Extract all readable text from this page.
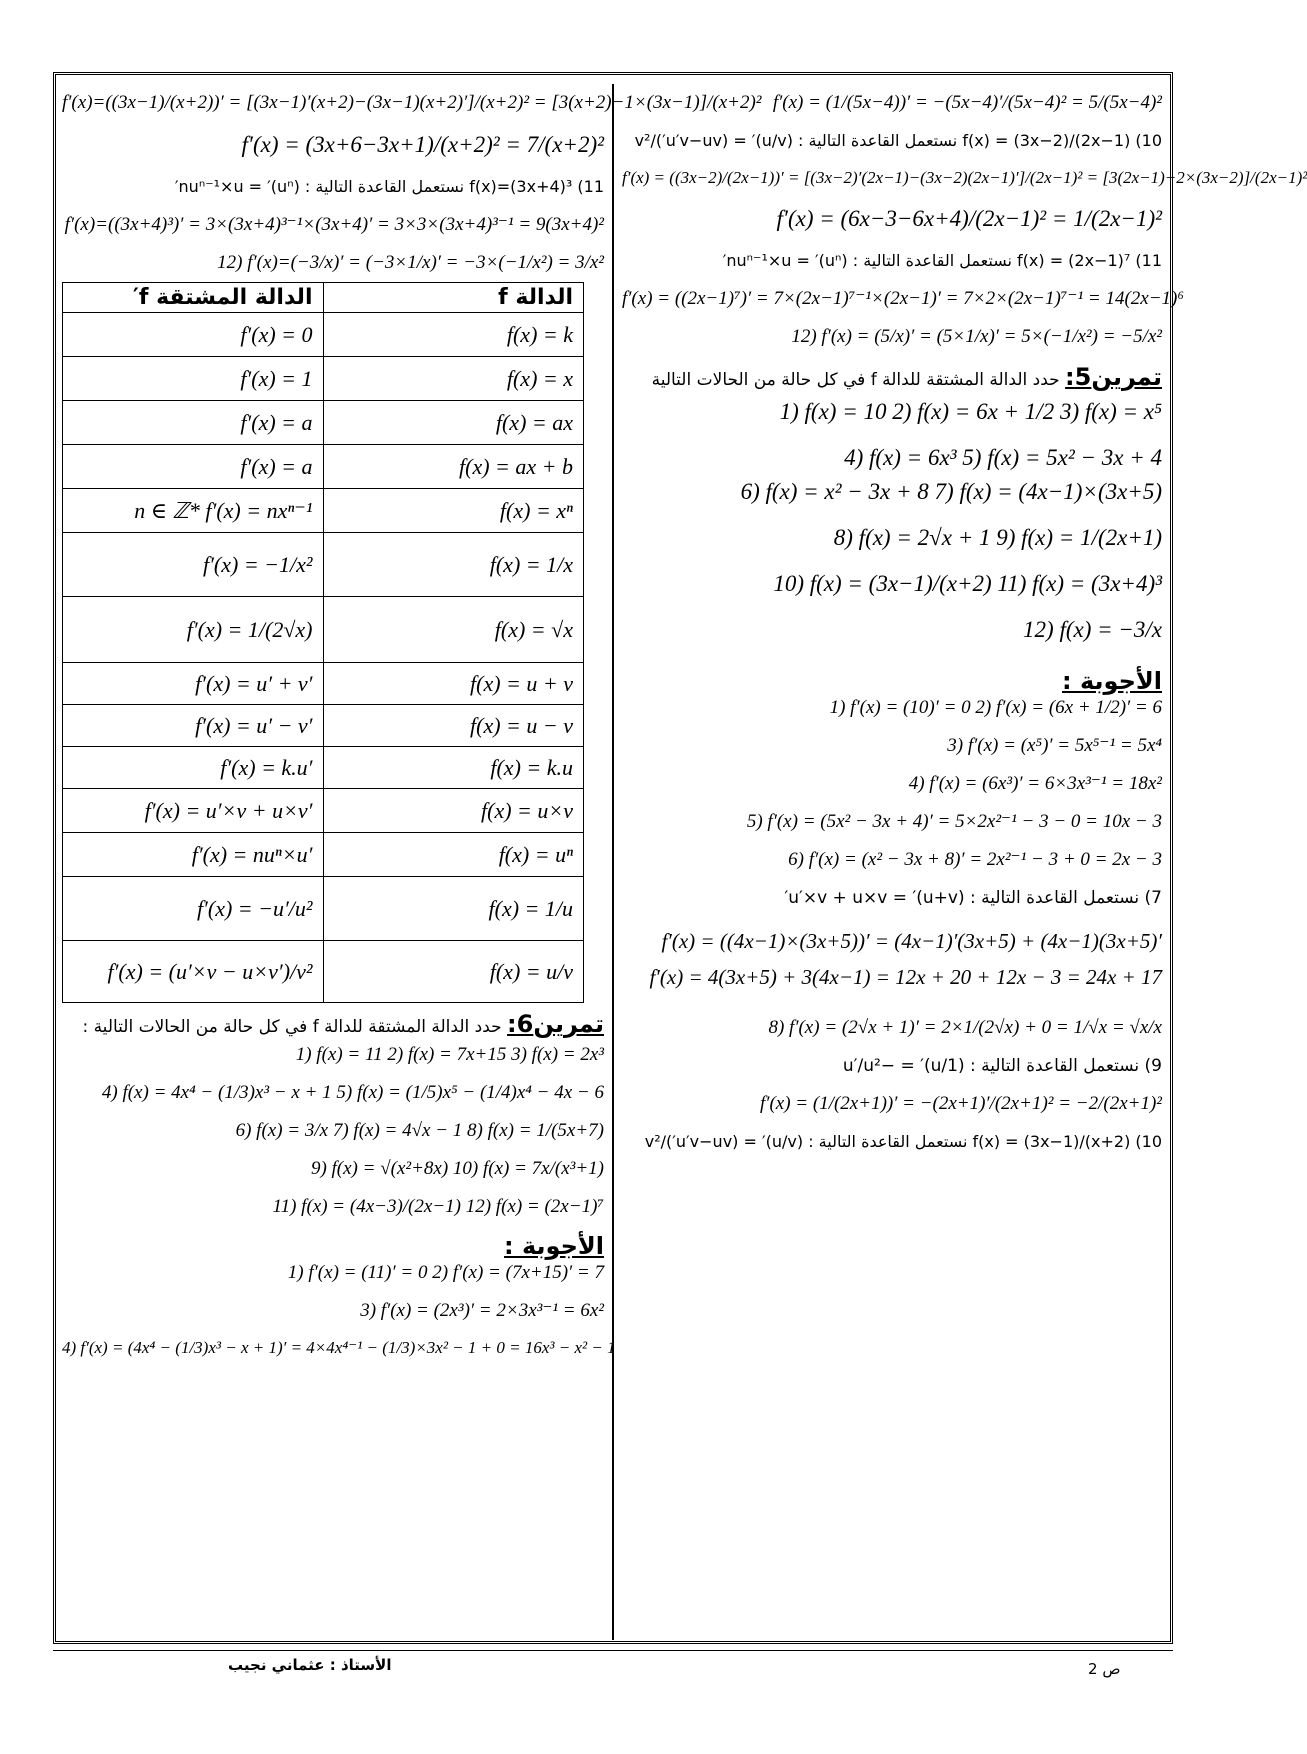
f′(x)=((3x−1)/(x+2))′ = [(3x−1)′(x+2)−(3x−1)(x+2)′]/(x+2)² = [3(x+2)−1×(3x−1)]/(x+2)²
f′(x) = (3x+6−3x+1)/(x+2)² = 7/(x+2)²
11) f(x)=(3x+4)³ نستعمل القاعدة التالية : (uⁿ)′ = nuⁿ⁻¹×u′
f′(x)=((3x+4)³)′ = 3×(3x+4)³⁻¹×(3x+4)′ = 3×3×(3x+4)³⁻¹ = 9(3x+4)²
12) f′(x)=(−3/x)′ = (−3×1/x)′ = −3×(−1/x²) = 3/x²
الدالة المشتقة f′	الدالة f
f′(x) = 0	f(x) = k
f′(x) = 1	f(x) = x
f′(x) = a	f(x) = ax
f′(x) = a	f(x) = ax + b
n ∈ ℤ* f′(x) = nxⁿ⁻¹	f(x) = xⁿ
f′(x) = −1/x²	f(x) = 1/x
f′(x) = 1/(2√x)	f(x) = √x
f′(x) = u′ + v′	f(x) = u + v
f′(x) = u′ − v′	f(x) = u − v
f′(x) = k.u′	f(x) = k.u
f′(x) = u′×v + u×v′	f(x) = u×v
f′(x) = nuⁿ×u′	f(x) = uⁿ
f′(x) = −u′/u²	f(x) = 1/u
f′(x) = (u′×v − u×v′)/v²	f(x) = u/v
تمرين6: حدد الدالة المشتقة للدالة f في كل حالة من الحالات التالية :
1) f(x) = 11 2) f(x) = 7x+15 3) f(x) = 2x³
4) f(x) = 4x⁴ − (1/3)x³ − x + 1 5) f(x) = (1/5)x⁵ − (1/4)x⁴ − 4x − 6
6) f(x) = 3/x 7) f(x) = 4√x − 1 8) f(x) = 1/(5x+7)
9) f(x) = √(x²+8x) 10) f(x) = 7x/(x³+1)
11) f(x) = (4x−3)/(2x−1) 12) f(x) = (2x−1)⁷
الأجوبة :
1) f′(x) = (11)′ = 0 2) f′(x) = (7x+15)′ = 7
3) f′(x) = (2x³)′ = 2×3x³⁻¹ = 6x²
4) f′(x) = (4x⁴ − (1/3)x³ − x + 1)′ = 4×4x⁴⁻¹ − (1/3)×3x² − 1 + 0 = 16x³ − x² − 1
f′(x) = (1/(5x−4))′ = −(5x−4)′/(5x−4)² = 5/(5x−4)²
10) f(x) = (3x−2)/(2x−1) نستعمل القاعدة التالية : (u/v)′ = (u′v−uv′)/v²
f′(x) = ((3x−2)/(2x−1))′ = [(3x−2)′(2x−1)−(3x−2)(2x−1)′]/(2x−1)² = [3(2x−1)−2×(3x−2)]/(2x−1)²
f′(x) = (6x−3−6x+4)/(2x−1)² = 1/(2x−1)²
11) f(x) = (2x−1)⁷ نستعمل القاعدة التالية : (uⁿ)′ = nuⁿ⁻¹×u′
f′(x) = ((2x−1)⁷)′ = 7×(2x−1)⁷⁻¹×(2x−1)′ = 7×2×(2x−1)⁷⁻¹ = 14(2x−1)⁶
12) f′(x) = (5/x)′ = (5×1/x)′ = 5×(−1/x²) = −5/x²
تمرين5: حدد الدالة المشتقة للدالة f في كل حالة من الحالات التالية
1) f(x) = 10 2) f(x) = 6x + 1/2 3) f(x) = x⁵
4) f(x) = 6x³ 5) f(x) = 5x² − 3x + 4
6) f(x) = x² − 3x + 8 7) f(x) = (4x−1)×(3x+5)
8) f(x) = 2√x + 1 9) f(x) = 1/(2x+1)
10) f(x) = (3x−1)/(x+2) 11) f(x) = (3x+4)³
12) f(x) = −3/x
الأجوبة :
1) f′(x) = (10)′ = 0 2) f′(x) = (6x + 1/2)′ = 6
3) f′(x) = (x⁵)′ = 5x⁵⁻¹ = 5x⁴
4) f′(x) = (6x³)′ = 6×3x³⁻¹ = 18x²
5) f′(x) = (5x² − 3x + 4)′ = 5×2x²⁻¹ − 3 − 0 = 10x − 3
6) f′(x) = (x² − 3x + 8)′ = 2x²⁻¹ − 3 + 0 = 2x − 3
7) نستعمل القاعدة التالية : (u+v)′ = u′×v + u×v′
f′(x) = ((4x−1)×(3x+5))′ = (4x−1)′(3x+5) + (4x−1)(3x+5)′
f′(x) = 4(3x+5) + 3(4x−1) = 12x + 20 + 12x − 3 = 24x + 17
8) f′(x) = (2√x + 1)′ = 2×1/(2√x) + 0 = 1/√x = √x/x
9) نستعمل القاعدة التالية : (1/u)′ = −u′/u²
f′(x) = (1/(2x+1))′ = −(2x+1)′/(2x+1)² = −2/(2x+1)²
10) f(x) = (3x−1)/(x+2) نستعمل القاعدة التالية : (u/v)′ = (u′v−uv′)/v²
الأستاذ : عثماني نجيب	ص 2
